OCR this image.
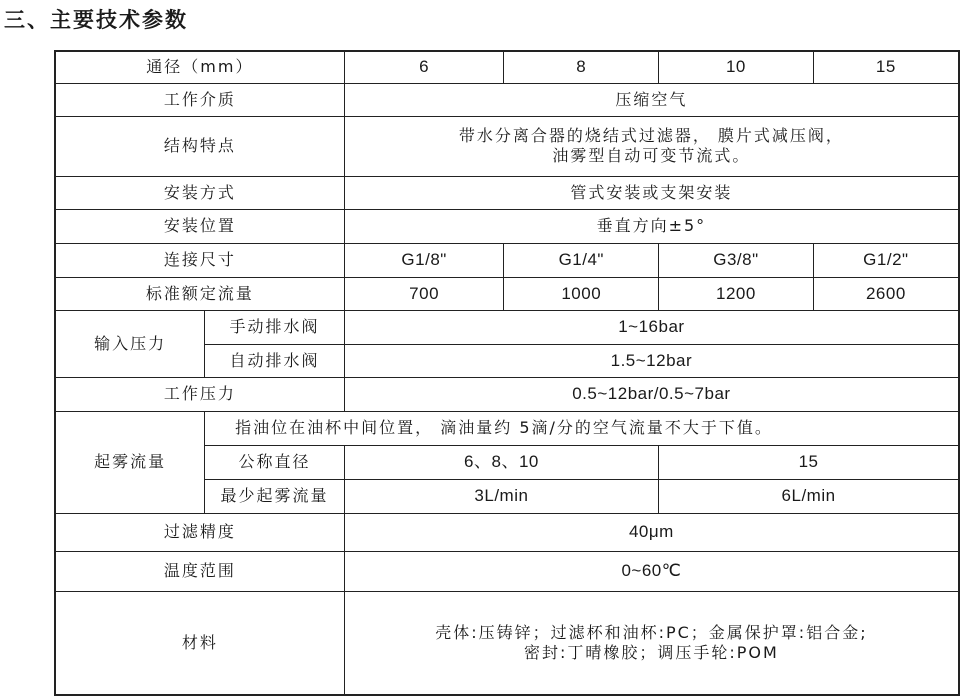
三、主要技术参数
通径（mm）		6	8	10	15
工作介质		压缩空气			
结构特点		带水分离合器的烧结式过滤器， 膜片式减压阀，
油雾型自动可变节流式。			

安装方式		管式安装或支架安装			
安装位置		垂直方向±5°			
连接尺寸		G1/8"	G1/4"	G3/8"	G1/2"
标准额定流量		700	1000	1200	2600
输入压力	手动排水阀	1~16bar			
	自动排水阀	1.5~12bar			
工作压力		0.5~12bar/0.5~7bar			
起雾流量	指油位在油杯中间位置， 滴油量约 5滴/分的空气流量不大于下值。				
	公称直径	6、8、10		15	
	最少起雾流量	3L/min		6L/min	
过滤精度		40μm			
温度范围		0~60℃			
材料		壳体:压铸锌；过滤杯和油杯:PC；金属保护罩:铝合金;
密封:丁晴橡胶；调压手轮:POM			
